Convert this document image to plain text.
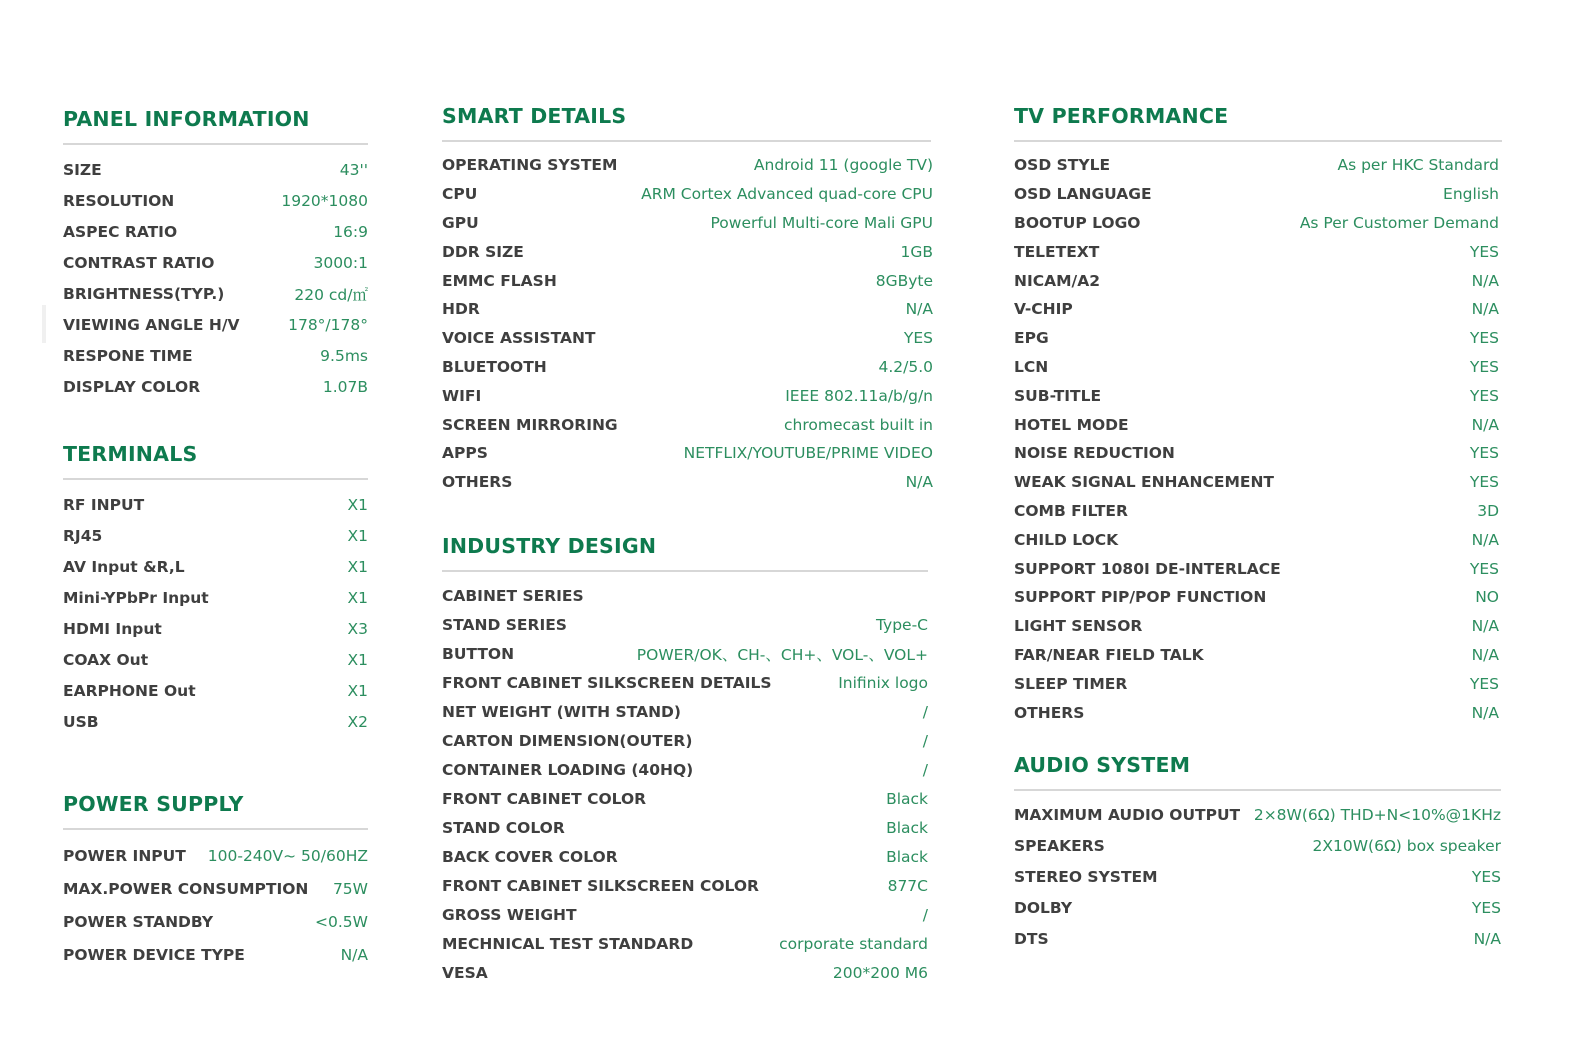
PANEL INFORMATION
SIZE	43''
RESOLUTION	1920*1080
ASPEC RATIO	16:9
CONTRAST RATIO	3000:1
BRIGHTNESS(TYP.)	220 cd/㎡
VIEWING ANGLE H/V	178°/178°
RESPONE TIME	9.5ms
DISPLAY COLOR	1.07B
TERMINALS
RF INPUT	X1
RJ45	X1
AV Input &R,L	X1
Mini-YPbPr Input	X1
HDMI Input	X3
COAX Out	X1
EARPHONE Out	X1
USB	X2
POWER SUPPLY
POWER INPUT 100-240V~ 50/60HZ
MAX.POWER CONSUMPTION 75W
POWER STANDBY	<0.5W
POWER DEVICE TYPE	N/A
SMART DETAILS
OPERATING SYSTEM	Android 11 (google TV)
CPU	ARM Cortex Advanced quad-core CPU
GPU	Powerful Multi-core Mali GPU
DDR SIZE	1GB
EMMC FLASH	8GByte
HDR	N/A
VOICE ASSISTANT	YES
BLUETOOTH	4.2/5.0
WIFI	IEEE 802.11a/b/g/n
SCREEN MIRRORING	chromecast built in
APPS	NETFLIX/YOUTUBE/PRIME VIDEO
OTHERS	N/A
INDUSTRY DESIGN
CABINET SERIES
STAND SERIES	Type-C
BUTTON	POWER/OK、CH-、CH+、VOL-、VOL+
FRONT CABINET SILKSCREEN DETAILS	Inifinix logo
NET WEIGHT (WITH STAND)	/
CARTON DIMENSION(OUTER)	/
CONTAINER LOADING (40HQ)	/
FRONT CABINET COLOR	Black
STAND COLOR	Black
BACK COVER COLOR	Black
FRONT CABINET SILKSCREEN COLOR	877C
GROSS WEIGHT	/
MECHNICAL TEST STANDARD	corporate standard
VESA	200*200 M6
TV PERFORMANCE
OSD STYLE	As per HKC Standard
OSD LANGUAGE	English
BOOTUP LOGO	As Per Customer Demand
TELETEXT	YES
NICAM/A2	N/A
V-CHIP	N/A
EPG	YES
LCN	YES
SUB-TITLE	YES
HOTEL MODE	N/A
NOISE REDUCTION	YES
WEAK SIGNAL ENHANCEMENT	YES
COMB FILTER	3D
CHILD LOCK	N/A
SUPPORT 1080I DE-INTERLACE	YES
SUPPORT PIP/POP FUNCTION	NO
LIGHT SENSOR	N/A
FAR/NEAR FIELD TALK	N/A
SLEEP TIMER	YES
OTHERS	N/A
AUDIO SYSTEM
MAXIMUM AUDIO OUTPUT 2×8W(6Ω) THD+N<10%@1KHz
SPEAKERS	2X10W(6Ω) box speaker
STEREO SYSTEM	YES
DOLBY	YES
DTS	N/A
